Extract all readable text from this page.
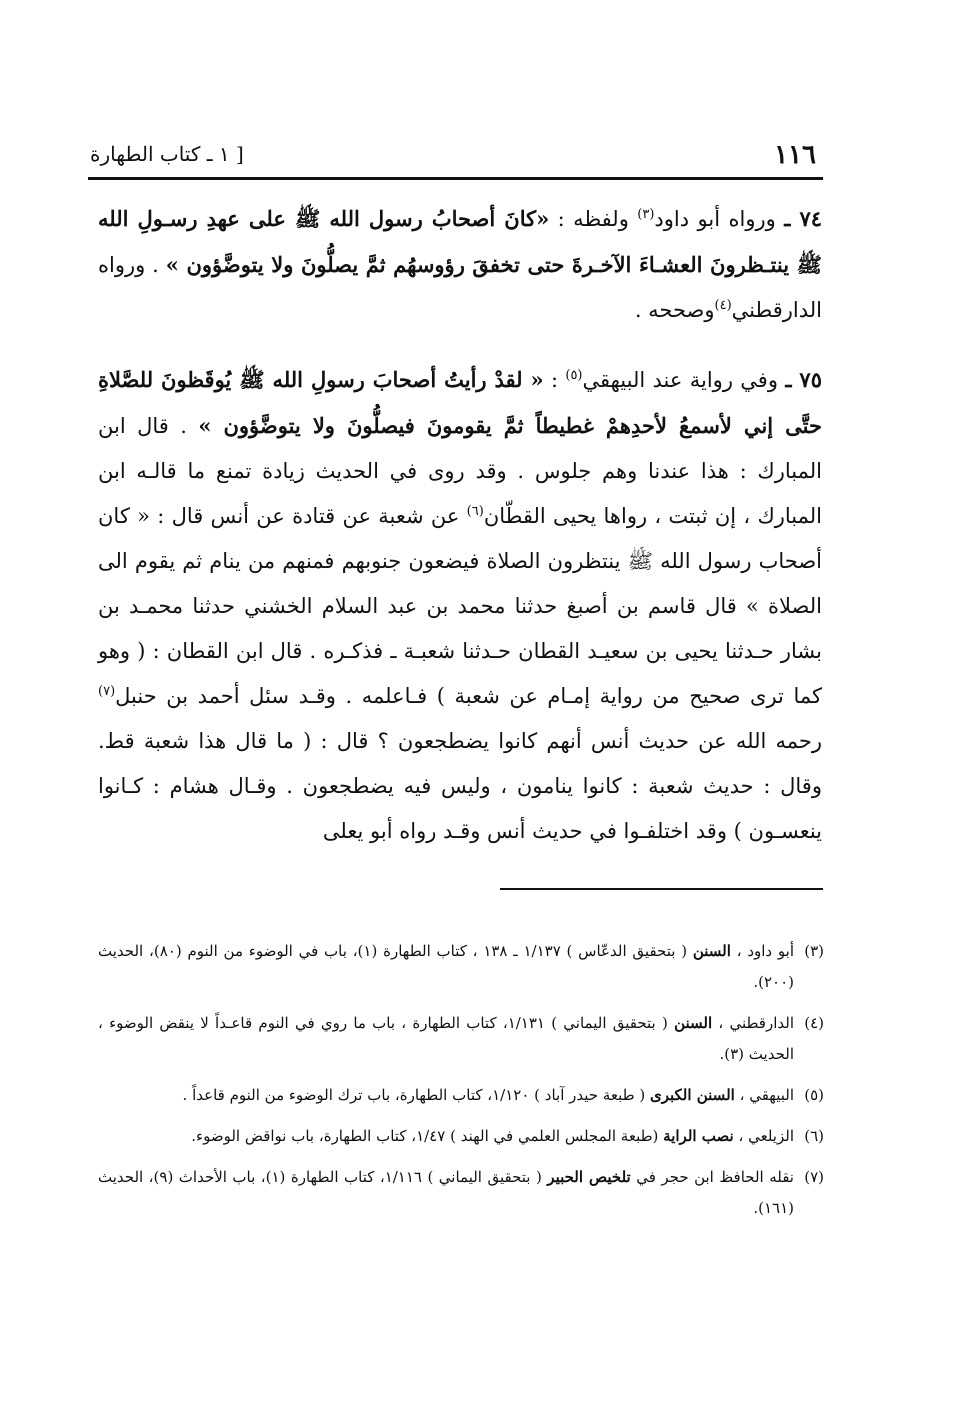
١١٦
[ ١ ـ كتاب الطهارة

٧٤ ـ ورواه أبو داود$^{(٣)}$ ولفظه : «كانَ أصحابُ رسول الله ﷺ على عهدِ رسـولِ الله ﷺ ينتـظرونَ العشـاءَ الآخـرةَ حتى تخفقَ رؤوسهُم ثمَّ يصلُّونَ ولا يتوضَّؤون » . ورواه الدارقطني$^{(٤)}$وصححه .

٧٥ ـ وفي رواية عند البيهقي$^{(٥)}$ : « لقدْ رأيتُ أصحابَ رسولِ الله ﷺ يُوقَظونَ للصَّلاةِ حتَّى إني لأسمعُ لأحدِهمْ غطيطاً ثمَّ يقومونَ فيصلُّونَ ولا يتوضَّؤون » . قال ابن المبارك : هذا عندنا وهم جلوس . وقد روى في الحديث زيادة تمنع ما قالـه ابن المبارك ، إن ثبتت ، رواها يحيى القطّان$^{(٦)}$ عن شعبة عن قتادة عن أنس قال : « كان أصحاب رسول الله ﷺ ينتظرون الصلاة فيضعون جنوبهم فمنهم من ينام ثم يقوم الى الصلاة » قال قاسم بن أصبغ حدثنا محمد بن عبد السلام الخشني حدثنا محمـد بن بشار حـدثنا يحيى بن سعيـد القطان حـدثنا شعبـة ـ فذكـره . قال ابن القطان : ( وهو كما ترى صحيح من رواية إمـام عن شعبة ) فـاعلمه . وقـد سئل أحمد بن حنبل$^{(٧)}$ رحمه الله عن حديث أنس أنهم كانوا يضطجعون ؟ قال : ( ما قال هذا شعبة قط. وقال : حديث شعبة : كانوا ينامون ، وليس فيه يضطجعون . وقـال هشام : كـانوا ينعسـون ) وقد اختلفـوا في حديث أنس وقـد رواه أبو يعلى

(٣)
أبو داود ، السنن ( بتحقيق الدعّاس ) ١/١٣٧ ـ ١٣٨ ، كتاب الطهارة (١)، باب في الوضوء من النوم (٨٠)، الحديث (٢٠٠).

(٤)
الدارقطني ، السنن ( بتحقيق اليماني ) ١/١٣١، كتاب الطهارة ، باب ما روي في النوم قاعـداً لا ينقض الوضوء ، الحديث (٣).

(٥)
البيهقي ، السنن الكبرى ( طبعة حيدر آباد ) ١/١٢٠، كتاب الطهارة، باب ترك الوضوء من النوم قاعداً .

(٦)
الزيلعي ، نصب الراية (طبعة المجلس العلمي في الهند ) ١/٤٧، كتاب الطهارة، باب نواقض الوضوء.

(٧)
نقله الحافظ ابن حجر في تلخيص الحبير ( بتحقيق اليماني ) ١/١١٦، كتاب الطهارة (١)، باب الأحداث (٩)، الحديث (١٦١).
